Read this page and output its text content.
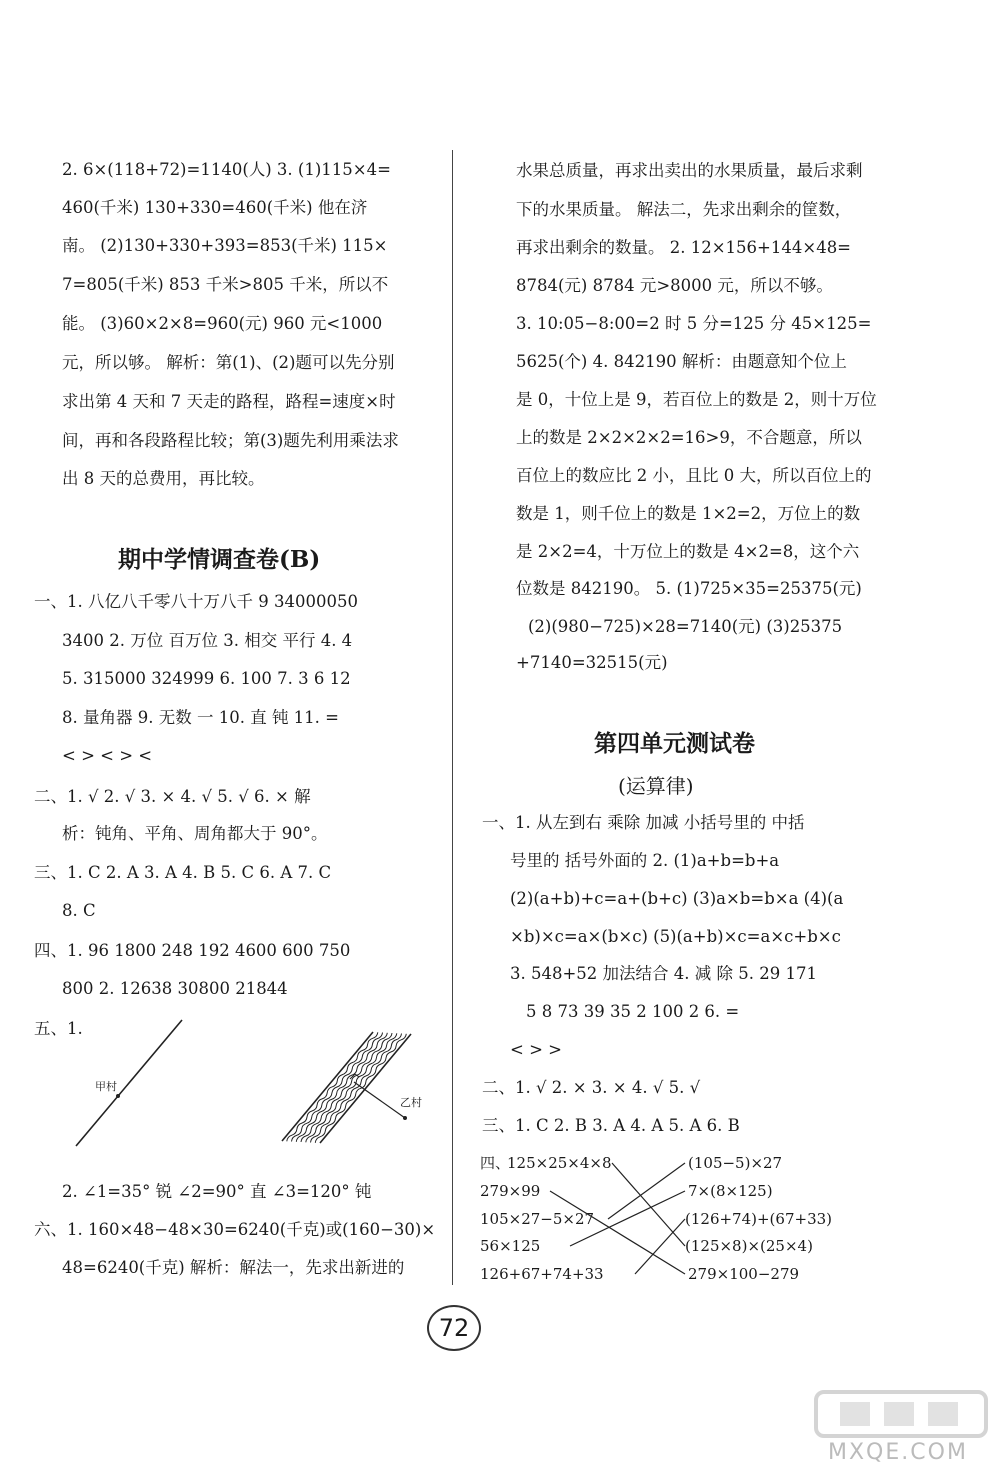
2. 6×(118+72)=1140(人) 3. (1)115×4=
460(千米) 130+330=460(千米) 他在济
南。 (2)130+330+393=853(千米) 115×
7=805(千米) 853 千米>805 千米，所以不
能。 (3)60×2×8=960(元) 960 元<1000
元，所以够。 解析：第(1)、(2)题可以先分别
求出第 4 天和 7 天走的路程，路程=速度×时
间，再和各段路程比较；第(3)题先利用乘法求
出 8 天的总费用，再比较。
期中学情调查卷(B)
一、1. 八亿八千零八十万八千 9 34000050
3400 2. 万位 百万位 3. 相交 平行 4. 4
5. 315000 324999 6. 100 7. 3 6 12
8. 量角器 9. 无数 一 10. 直 钝 11. =
< > < > <
二、1. √ 2. √ 3. × 4. √ 5. √ 6. × 解
析：钝角、平角、周角都大于 90°。
三、1. C 2. A 3. A 4. B 5. C 6. A 7. C
8. C
四、1. 96 1800 248 192 4600 600 750
800 2. 12638 30800 21844
五、1.
甲村
乙村
2. ∠1=35° 锐 ∠2=90° 直 ∠3=120° 钝
六、1. 160×48−48×30=6240(千克)或(160−30)×
48=6240(千克) 解析：解法一，先求出新进的
水果总质量，再求出卖出的水果质量，最后求剩
下的水果质量。 解法二，先求出剩余的筐数，
再求出剩余的数量。 2. 12×156+144×48=
8784(元) 8784 元>8000 元，所以不够。
3. 10:05−8:00=2 时 5 分=125 分 45×125=
5625(个) 4. 842190 解析：由题意知个位上
是 0，十位上是 9，若百位上的数是 2，则十万位
上的数是 2×2×2×2=16>9，不合题意，所以
百位上的数应比 2 小，且比 0 大，所以百位上的
数是 1，则千位上的数是 1×2=2，万位上的数
是 2×2=4，十万位上的数是 4×2=8，这个六
位数是 842190。 5. (1)725×35=25375(元)
(2)(980−725)×28=7140(元) (3)25375
+7140=32515(元)
第四单元测试卷
(运算律)
一、1. 从左到右 乘除 加减 小括号里的 中括
号里的 括号外面的 2. (1)a+b=b+a
(2)(a+b)+c=a+(b+c) (3)a×b=b×a (4)(a
×b)×c=a×(b×c) (5)(a+b)×c=a×c+b×c
3. 548+52 加法结合 4. 减 除 5. 29 171
5 8 73 39 35 2 100 2 6. =
< > >
二、1. √ 2. × 3. × 4. √ 5. √
三、1. C 2. B 3. A 4. A 5. A 6. B
四、
125×25×4×8
279×99
105×27−5×27
56×125
126+67+74+33
(105−5)×27
7×(8×125)
(126+74)+(67+33)
(125×8)×(25×4)
279×100−279
72
MXQE.COM
